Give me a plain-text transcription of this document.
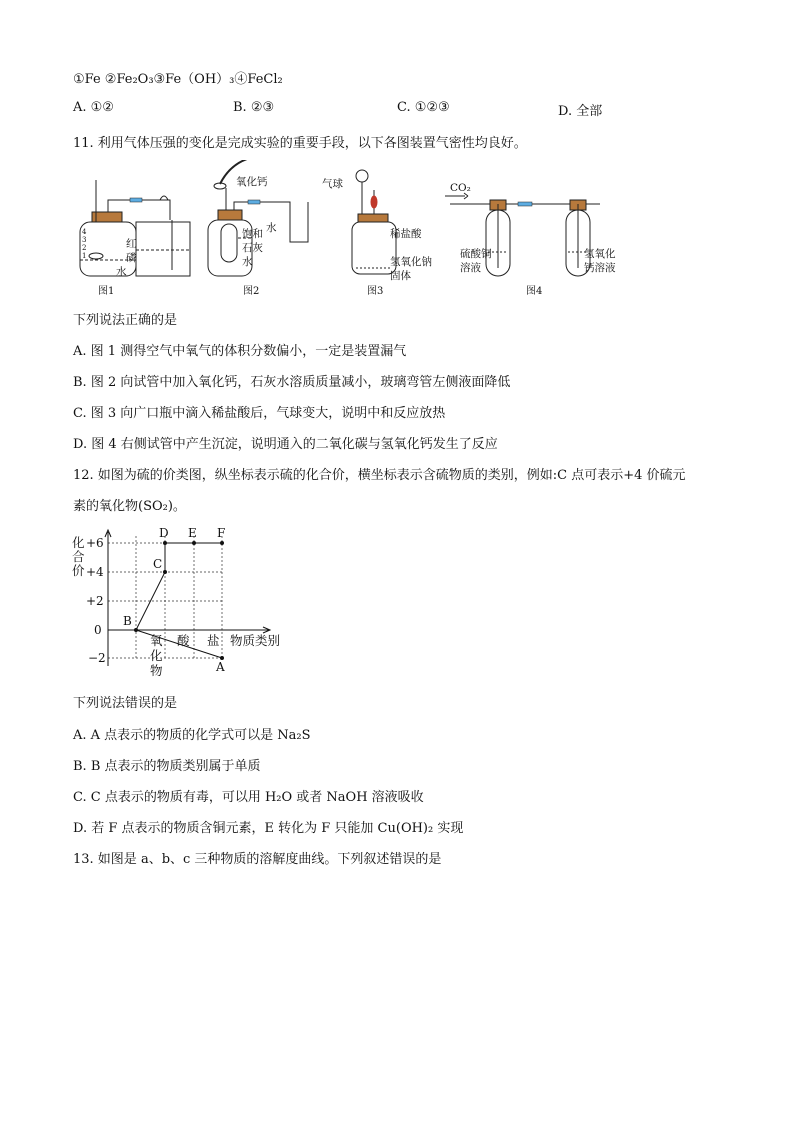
①Fe ②Fe₂O₃③Fe（OH）₃④FeCl₂
A. ①②	B. ②③	C. ①②③	D. 全部
11. 利用气体压强的变化是完成实验的重要手段，以下各图装置气密性均良好。
图1	图2	图3	图4
红
磷
水
4
3
2
1
氧化钙
饱和
石灰
水
水
气球
稀盐酸
氢氧化钠
固体
CO₂
硫酸铜
溶液
氢氧化
钙溶液
下列说法正确的是
A. 图 1 测得空气中氧气的体积分数偏小，一定是装置漏气
B. 图 2 向试管中加入氧化钙，石灰水溶质质量减小，玻璃弯管左侧液面降低
C. 图 3 向广口瓶中滴入稀盐酸后，气球变大，说明中和反应放热
D. 图 4 右侧试管中产生沉淀，说明通入的二氧化碳与氢氧化钙发生了反应
12. 如图为硫的价类图，纵坐标表示硫的化合价，横坐标表示含硫物质的类别，例如:C 点可表示+4 价硫元
素的氧化物(SO₂)。
化
合
价
+6
+4
+2
0
−2
物质类别
氧
化
物
酸 盐
A
B
C
D E F
下列说法错误的是
A. A 点表示的物质的化学式可以是 Na₂S
B. B 点表示的物质类别属于单质
C. C 点表示的物质有毒，可以用 H₂O 或者 NaOH 溶液吸收
D. 若 F 点表示的物质含铜元素，E 转化为 F 只能加 Cu(OH)₂ 实现
13. 如图是 a、b、c 三种物质的溶解度曲线。下列叙述错误的是
